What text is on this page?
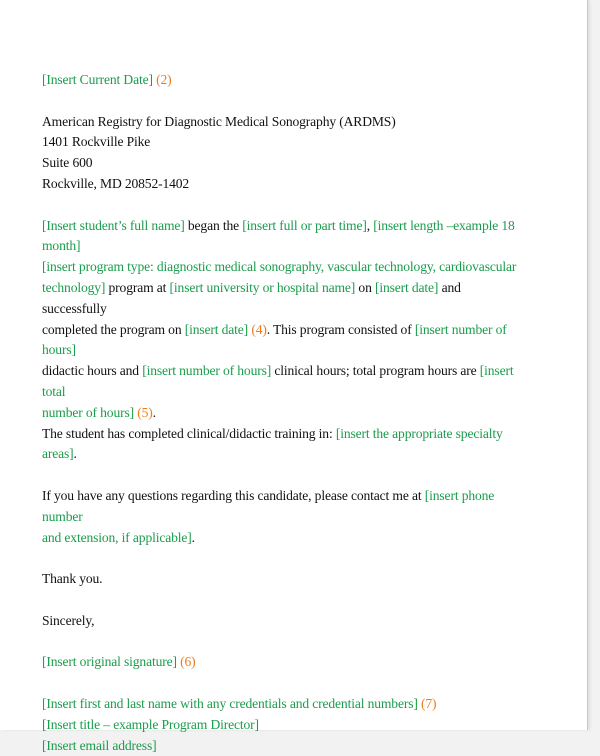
[Insert Current Date] (2)

American Registry for Diagnostic Medical Sonography (ARDMS)

1401 Rockville Pike

Suite 600

Rockville, MD 20852-1402

[Insert student’s full name] began the [insert full or part time], [insert length –example 18 month]

[insert program type: diagnostic medical sonography, vascular technology, cardiovascular

technology] program at [insert university or hospital name] on [insert date] and successfully

completed the program on [insert date] (4). This program consisted of [insert number of hours]

didactic hours and [insert number of hours] clinical hours; total program hours are [insert total

number of hours] (5).

The student has completed clinical/didactic training in: [insert the appropriate specialty areas].

If you have any questions regarding this candidate, please contact me at [insert phone number

and extension, if applicable].

Thank you.

Sincerely,

[Insert original signature] (6)

[Insert first and last name with any credentials and credential numbers] (7)

[Insert title – example Program Director]

[Insert email address]
